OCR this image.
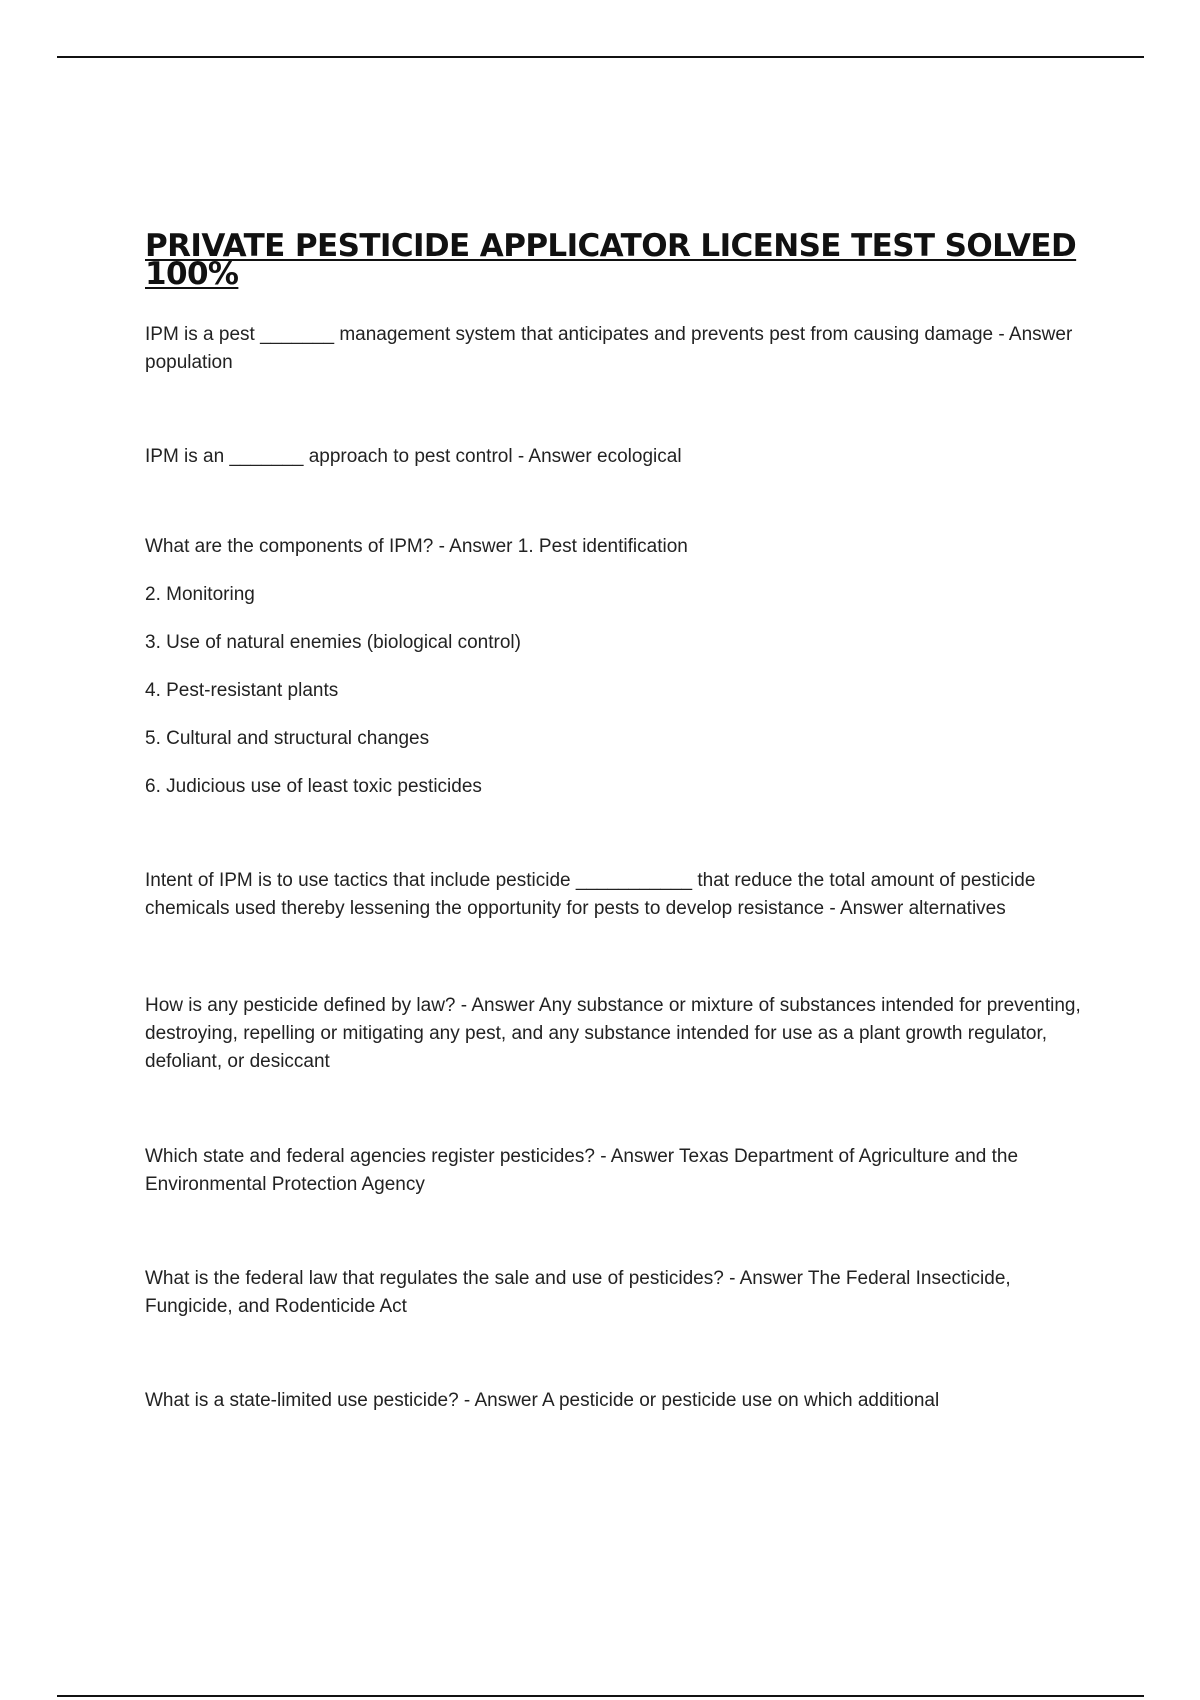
PRIVATE PESTICIDE APPLICATOR LICENSE TEST SOLVED 100%

IPM is a pest _______ management system that anticipates and prevents pest from causing damage - Answer population

IPM is an _______ approach to pest control - Answer ecological

What are the components of IPM? - Answer 1. Pest identification

2. Monitoring
3. Use of natural enemies (biological control)
4. Pest-resistant plants
5. Cultural and structural changes
6. Judicious use of least toxic pesticides

Intent of IPM is to use tactics that include pesticide ___________ that reduce the total amount of pesticide chemicals used thereby lessening the opportunity for pests to develop resistance - Answer alternatives

How is any pesticide defined by law? - Answer Any substance or mixture of substances intended for preventing, destroying, repelling or mitigating any pest, and any substance intended for use as a plant growth regulator, defoliant, or desiccant

Which state and federal agencies register pesticides? - Answer Texas Department of Agriculture and the Environmental Protection Agency

What is the federal law that regulates the sale and use of pesticides? - Answer The Federal Insecticide, Fungicide, and Rodenticide Act

What is a state-limited use pesticide? - Answer A pesticide or pesticide use on which additional
